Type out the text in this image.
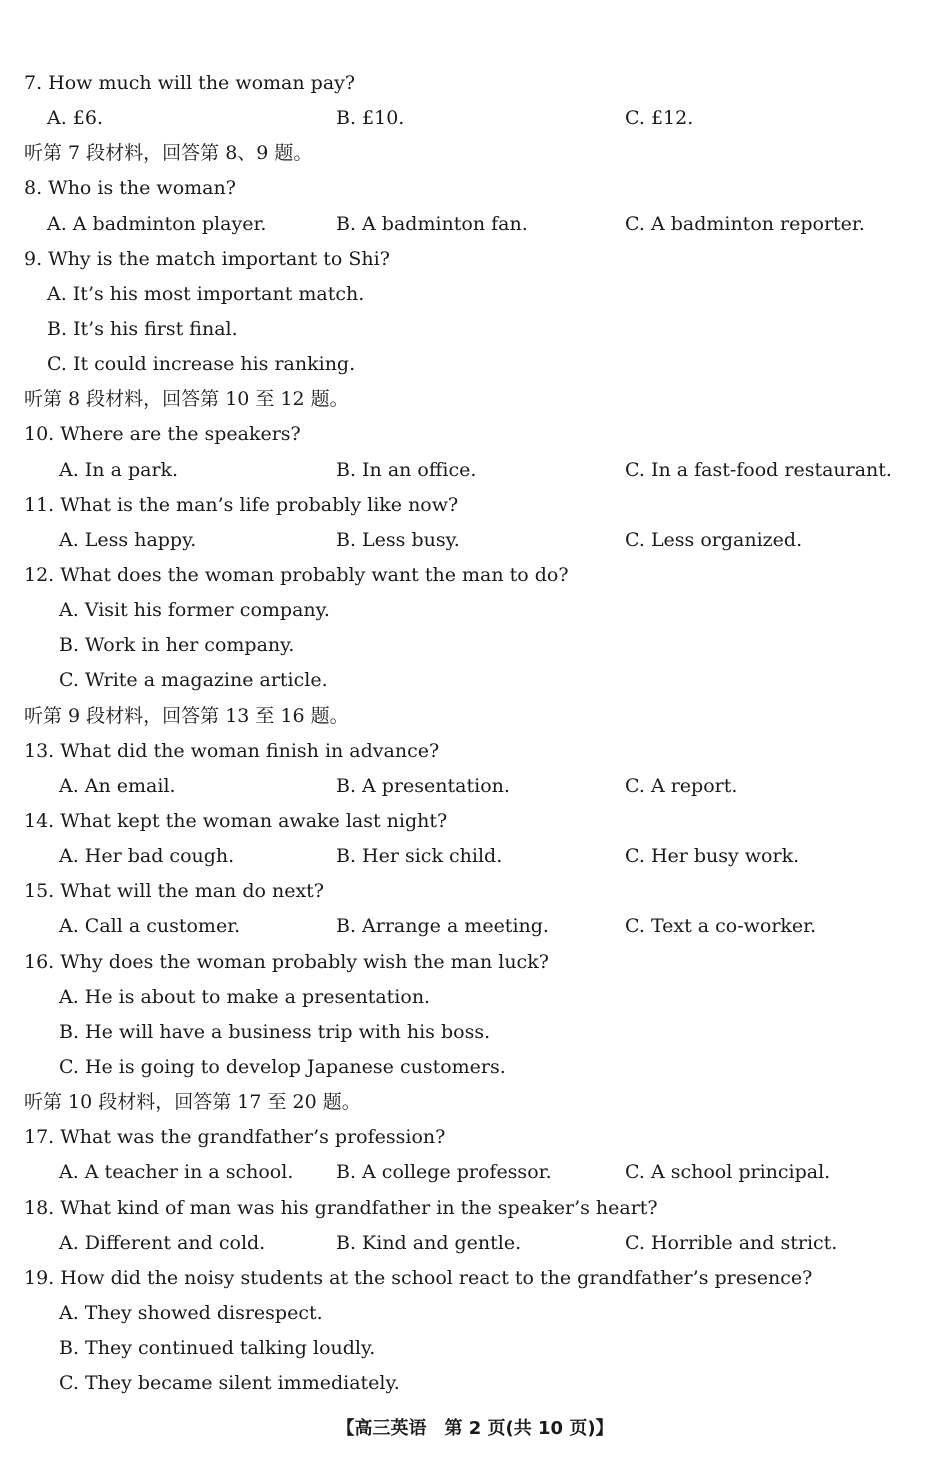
7. How much will the woman pay?
A. £6.	B. £10.	C. £12.
听第 7 段材料，回答第 8、9 题。
8. Who is the woman?
A. A badminton player.	B. A badminton fan.	C. A badminton reporter.
9. Why is the match important to Shi?
A. It’s his most important match.
B. It’s his first final.
C. It could increase his ranking.
听第 8 段材料，回答第 10 至 12 题。
10. Where are the speakers?
A. In a park.	B. In an office.	C. In a fast-food restaurant.
11. What is the man’s life probably like now?
A. Less happy.	B. Less busy.	C. Less organized.
12. What does the woman probably want the man to do?
A. Visit his former company.
B. Work in her company.
C. Write a magazine article.
听第 9 段材料，回答第 13 至 16 题。
13. What did the woman finish in advance?
A. An email.	B. A presentation.	C. A report.
14. What kept the woman awake last night?
A. Her bad cough.	B. Her sick child.	C. Her busy work.
15. What will the man do next?
A. Call a customer.	B. Arrange a meeting.	C. Text a co-worker.
16. Why does the woman probably wish the man luck?
A. He is about to make a presentation.
B. He will have a business trip with his boss.
C. He is going to develop Japanese customers.
听第 10 段材料，回答第 17 至 20 题。
17. What was the grandfather’s profession?
A. A teacher in a school. B. A college professor.	C. A school principal.
18. What kind of man was his grandfather in the speaker’s heart?
A. Different and cold.	B. Kind and gentle.	C. Horrible and strict.
19. How did the noisy students at the school react to the grandfather’s presence?
A. They showed disrespect.
B. They continued talking loudly.
C. They became silent immediately.
【高三英语　第 2 页(共 10 页)】
